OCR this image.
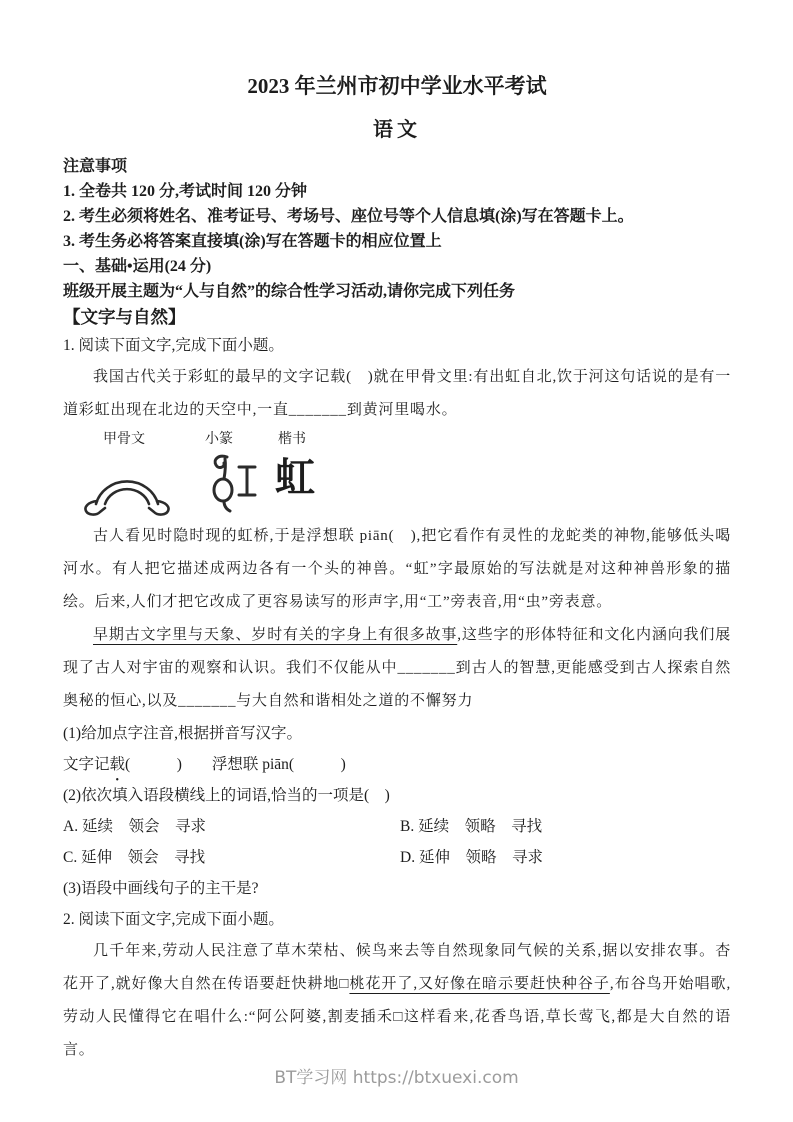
2023 年兰州市初中学业水平考试
语文
注意事项
1. 全卷共 120 分,考试时间 120 分钟
2. 考生必须将姓名、准考证号、考场号、座位号等个人信息填(涂)写在答题卡上。
3. 考生务必将答案直接填(涂)写在答题卡的相应位置上
一、基础•运用(24 分)
班级开展主题为“人与自然”的综合性学习活动,请你完成下列任务
【文字与自然】

1. 阅读下面文字,完成下面小题。

我国古代关于彩虹的最早的文字记载(　)就在甲骨文里:有出虹自北,饮于河这句话说的是有一道彩虹出现在北边的天空中,一直_______到黄河里喝水。

甲骨文	小篆	楷书
虹

古人看见时隐时现的虹桥,于是浮想联 piān(　),把它看作有灵性的龙蛇类的神物,能够低头喝河水。有人把它描述成两边各有一个头的神兽。“虹”字最原始的写法就是对这种神兽形象的描绘。后来,人们才把它改成了更容易读写的形声字,用“工”旁表音,用“虫”旁表意。

早期古文字里与天象、岁时有关的字身上有很多故事,这些字的形体特征和文化内涵向我们展现了古人对宇宙的观察和认识。我们不仅能从中_______到古人的智慧,更能感受到古人探索自然奥秘的恒心,以及_______与大自然和谐相处之道的不懈努力

(1)给加点字注音,根据拼音写汉字。

文字记载(　　　) 浮想联 piān(　　　)

(2)依次填入语段横线上的词语,恰当的一项是(　)

A. 延续　领会　寻求	B. 延续　领略　寻找
C. 延伸　领会　寻找	D. 延伸　领略　寻求

(3)语段中画线句子的主干是?

2. 阅读下面文字,完成下面小题。

几千年来,劳动人民注意了草木荣枯、候鸟来去等自然现象同气候的关系,据以安排农事。杏花开了,就好像大自然在传语要赶快耕地□桃花开了,又好像在暗示要赶快种谷子,布谷鸟开始唱歌,劳动人民懂得它在唱什么:“阿公阿婆,割麦插禾□这样看来,花香鸟语,草长莺飞,都是大自然的语言。

BT学习网 https://btxuexi.com
